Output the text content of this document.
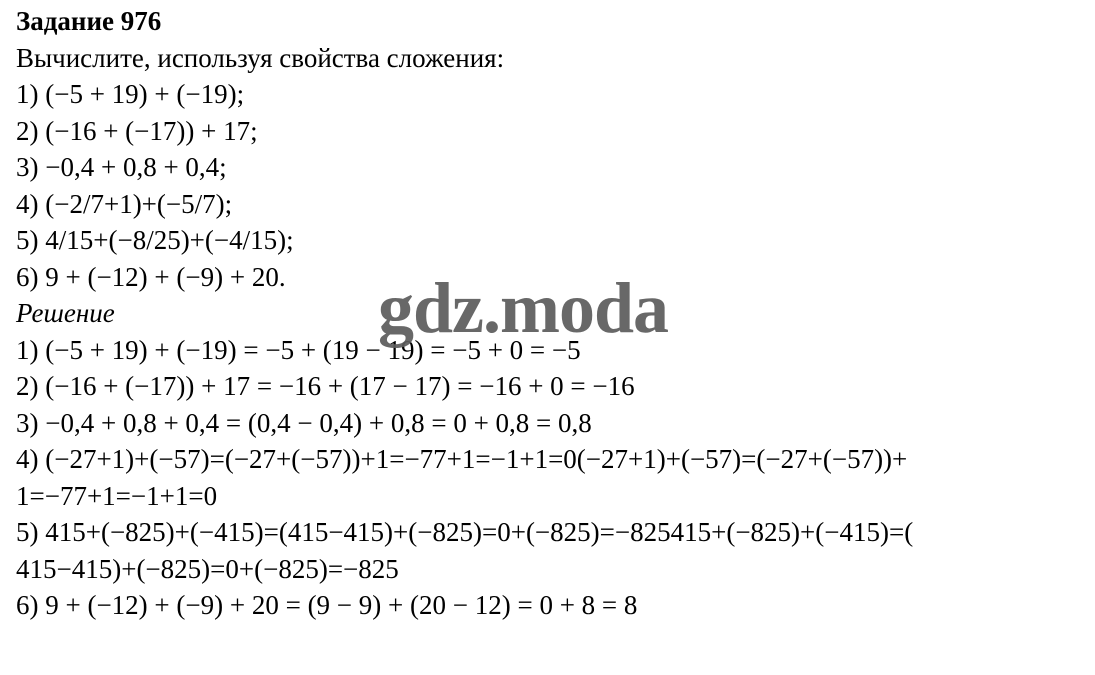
Задание 976
Вычислите, используя свойства сложения:
1) (−5 + 19) + (−19);
2) (−16 + (−17)) + 17;
3) −0,4 + 0,8 + 0,4;
4) (−2/7+1)+(−5/7);
5) 4/15+(−8/25)+(−4/15);
6) 9 + (−12) + (−9) + 20.
Решение
1) (−5 + 19) + (−19) = −5 + (19 − 19) = −5 + 0 = −5
2) (−16 + (−17)) + 17 = −16 + (17 − 17) = −16 + 0 = −16
3) −0,4 + 0,8 + 0,4 = (0,4 − 0,4) + 0,8 = 0 + 0,8 = 0,8
4) (−27+1)+(−57)=(−27+(−57))+1=−77+1=−1+1=0(−27+1)+(−57)=(−27+(−57))+
1=−77+1=−1+1=0
5) 415+(−825)+(−415)=(415−415)+(−825)=0+(−825)=−825415+(−825)+(−415)=(
415−415)+(−825)=0+(−825)=−825
6) 9 + (−12) + (−9) + 20 = (9 − 9) + (20 − 12) = 0 + 8 = 8
gdz.moda
